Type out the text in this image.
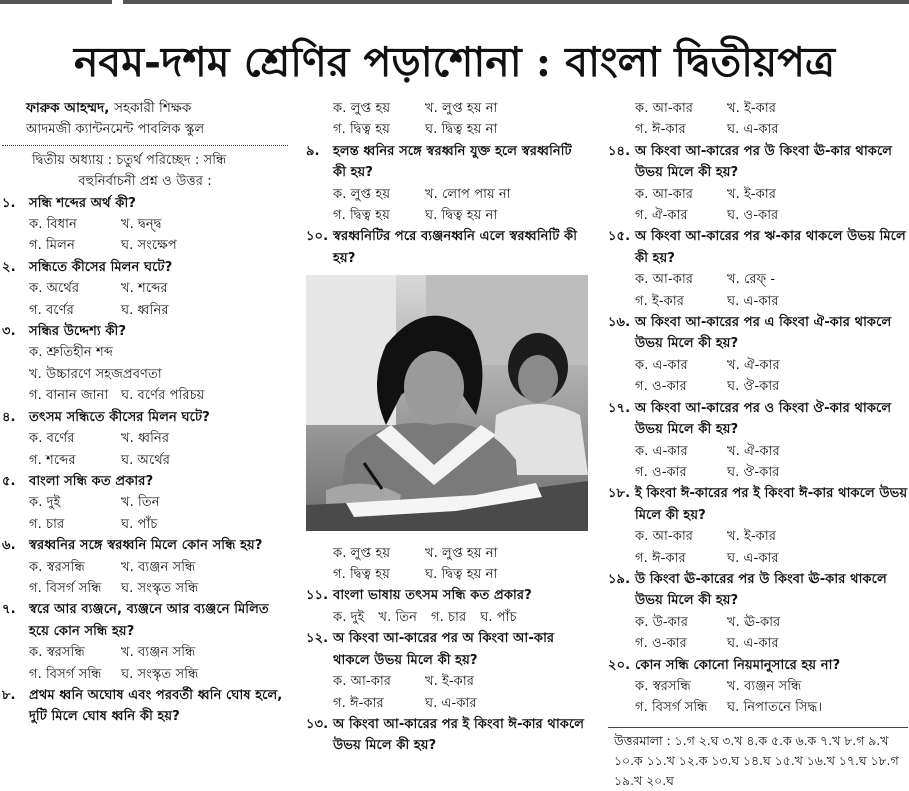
নবম-দশম শ্রেণির পড়াশোনা : বাংলা দ্বিতীয়পত্র
ফারুক আহম্মদ, সহকারী শিক্ষক
আদমজী ক্যান্টনমেন্ট পাবলিক স্কুল
দ্বিতীয় অধ্যায় : চতুর্থ পরিচ্ছেদ : সন্ধি
বহুনির্বাচনী প্রশ্ন ও উত্তর :
১.	সন্ধি শব্দের অর্থ কী?
ক. বিধান	খ. দ্বন্দ্ব
গ. মিলন	ঘ. সংক্ষেপ
২.	সন্ধিতে কীসের মিলন ঘটে?
ক. অর্থের	খ. শব্দের
গ. বর্ণের	ঘ. ধ্বনির
৩.	সন্ধির উদ্দেশ্য কী?
ক. শ্রুতিহীন শব্দ
খ. উচ্চারণে সহজপ্রবণতা
গ. বানান জানা ঘ. বর্ণের পরিচয়
৪.	তৎসম সন্ধিতে কীসের মিলন ঘটে?
ক. বর্ণের	খ. ধ্বনির
গ. শব্দের	ঘ. অর্থের
৫.	বাংলা সন্ধি কত প্রকার?
ক. দুই	খ. তিন
গ. চার	ঘ. পাঁচ
৬.	স্বরধ্বনির সঙ্গে স্বরধ্বনি মিলে কোন সন্ধি হয়?
ক. স্বরসন্ধি	খ. ব্যঞ্জন সন্ধি
গ. বিসর্গ সন্ধি	ঘ. সংস্কৃত সন্ধি
৭.	স্বরে আর ব্যঞ্জনে, ব্যঞ্জনে আর ব্যঞ্জনে মিলিত হয়ে কোন সন্ধি হয়?
ক. স্বরসন্ধি	খ. ব্যঞ্জন সন্ধি
গ. বিসর্গ সন্ধি	ঘ. সংস্কৃত সন্ধি
৮.	প্রথম ধ্বনি অঘোষ এবং পরবর্তী ধ্বনি ঘোষ হলে, দুটি মিলে ঘোষ ধ্বনি কী হয়?
ক. লুপ্ত হয়	খ. লুপ্ত হয় না
গ. দ্বিত্ব হয়	ঘ. দ্বিত্ব হয় না
৯.	হলন্ত ধ্বনির সঙ্গে স্বরধ্বনি যুক্ত হলে স্বরধ্বনিটি কী হয়?
ক. লুপ্ত হয়	খ. লোপ পায় না
গ. দ্বিত্ব হয়	ঘ. দ্বিত্ব হয় না
১০. স্বরধ্বনিটির পরে ব্যঞ্জনধ্বনি এলে স্বরধ্বনিটি কী হয়?
ক. লুপ্ত হয়	খ. লুপ্ত হয় না
গ. দ্বিত্ব হয়	ঘ. দ্বিত্ব হয় না
১১. বাংলা ভাষায় তৎসম সন্ধি কত প্রকার?
ক. দুই খ. তিন গ. চার ঘ. পাঁচ
১২. অ কিংবা আ-কারের পর অ কিংবা আ-কার থাকলে উভয় মিলে কী হয়?
ক. আ-কার	খ. ই-কার
গ. ঈ-কার	ঘ. এ-কার
১৩. অ কিংবা আ-কারের পর ই কিংবা ঈ-কার থাকলে উভয় মিলে কী হয়?
ক. আ-কার	খ. ই-কার
গ. ঈ-কার	ঘ. এ-কার
১৪. অ কিংবা আ-কারের পর উ কিংবা ঊ-কার থাকলে উভয় মিলে কী হয়?
ক. আ-কার	খ. ই-কার
গ. ঐ-কার	ঘ. ও-কার
১৫. অ কিংবা আ-কারের পর ঋ-কার থাকলে উভয় মিলে কী হয়?
ক. আ-কার	খ. রেফ্ ‍-
গ. ই-কার	ঘ. এ-কার
১৬. অ কিংবা আ-কারের পর এ কিংবা ঐ-কার থাকলে উভয় মিলে কী হয়?
ক. এ-কার	খ. ঐ-কার
গ. ও-কার	ঘ. ঔ-কার
১৭. অ কিংবা আ-কারের পর ও কিংবা ঔ-কার থাকলে উভয় মিলে কী হয়?
ক. এ-কার	খ. ঐ-কার
গ. ও-কার	ঘ. ঔ-কার
১৮. ই কিংবা ঈ-কারের পর ই কিংবা ঈ-কার থাকলে উভয় মিলে কী হয়?
ক. আ-কার	খ. ই-কার
গ. ঈ-কার	ঘ. এ-কার
১৯. উ কিংবা ঊ-কারের পর উ কিংবা ঊ-কার থাকলে উভয় মিলে কী হয়?
ক. উ-কার	খ. ঊ-কার
গ. ও-কার	ঘ. এ-কার
২০. কোন সন্ধি কোনো নিয়মানুসারে হয় না?
ক. স্বরসন্ধি	খ. ব্যঞ্জন সন্ধি
গ. বিসর্গ সন্ধি	ঘ. নিপাতনে সিদ্ধ।
উত্তরমালা : ১.গ ২.ঘ ৩.খ ৪.ক ৫.ক ৬.ক ৭.খ ৮.গ ৯.খ ১০.ক ১১.খ ১২.ক ১৩.ঘ ১৪.ঘ ১৫.খ ১৬.খ ১৭.ঘ ১৮.গ ১৯.খ ২০.ঘ
